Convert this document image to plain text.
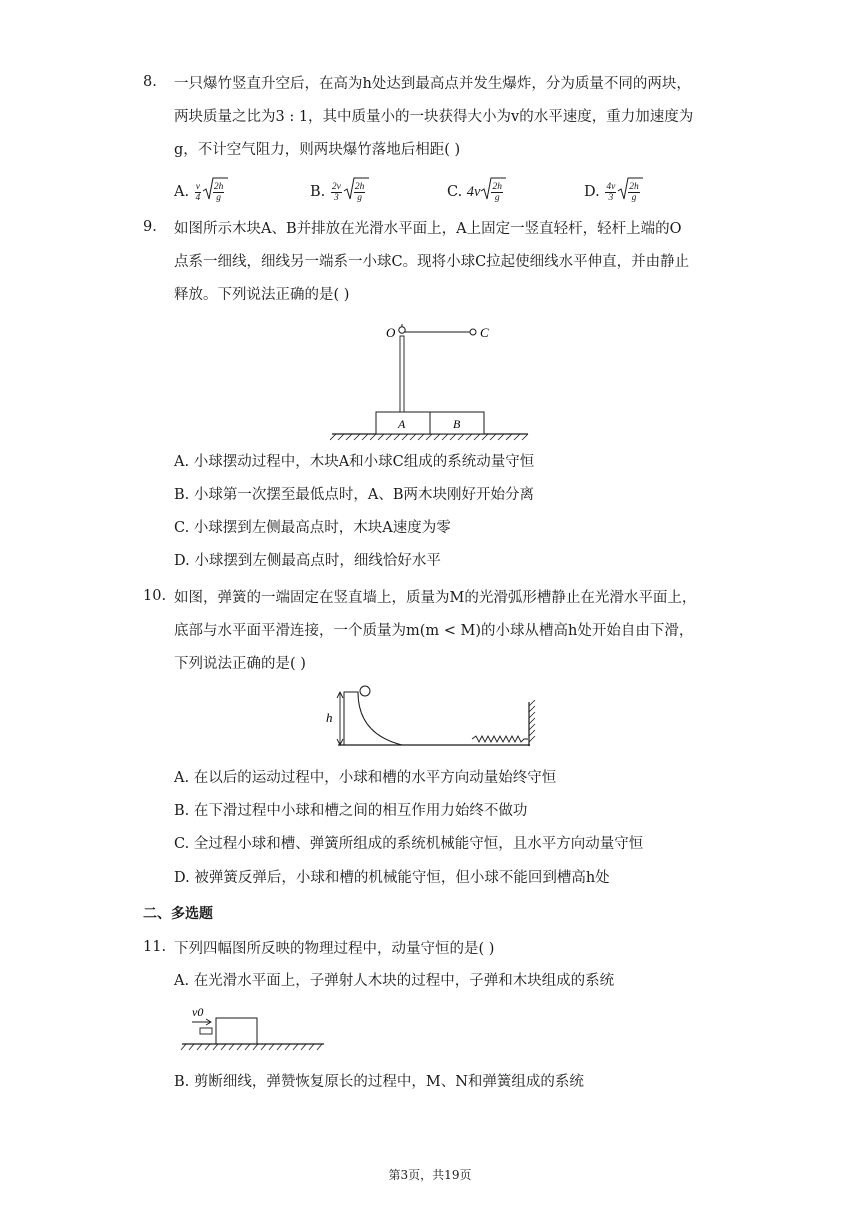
8. 一只爆竹竖直升空后，在高为h处达到最高点并发生爆炸，分为质量不同的两块，
两块质量之比为3 : 1，其中质量小的一块获得大小为v的水平速度，重力加速度为
g，不计空气阻力，则两块爆竹落地后相距( )
A.
$\frac{v}{4} \frac{2h}{g}$	B.
$\frac{2v}{3} \frac{2h}{g}$	C.
$4v \frac{2h}{g}$	D.
$\frac{4v}{3} \frac{2h}{g}$
9. 如图所示木块A、B并排放在光滑水平面上，A上固定一竖直轻杆，轻杆上端的O
点系一细线，细线另一端系一小球C。现将小球C拉起使细线水平伸直，并由静止
释放。下列说法正确的是( )
A	B
O	C
A. 小球摆动过程中，木块A和小球C组成的系统动量守恒
B. 小球第一次摆至最低点时，A、B两木块刚好开始分离
C. 小球摆到左侧最高点时，木块A速度为零
D. 小球摆到左侧最高点时，细线恰好水平
10. 如图，弹簧的一端固定在竖直墙上，质量为M的光滑弧形槽静止在光滑水平面上，
底部与水平面平滑连接，一个质量为m(m < M)的小球从槽高h处开始自由下滑，
下列说法正确的是( )
h
A. 在以后的运动过程中，小球和槽的水平方向动量始终守恒
B. 在下滑过程中小球和槽之间的相互作用力始终不做功
C. 全过程小球和槽、弹簧所组成的系统机械能守恒，且水平方向动量守恒
D. 被弹簧反弹后，小球和槽的机械能守恒，但小球不能回到槽高h处
二、多选题
11. 下列四幅图所反映的物理过程中，动量守恒的是( )
A. 在光滑水平面上，子弹射人木块的过程中，子弹和木块组成的系统
v0
B. 剪断细线，弹赞恢复原长的过程中，M、N和弹簧组成的系统
第3页，共19页
